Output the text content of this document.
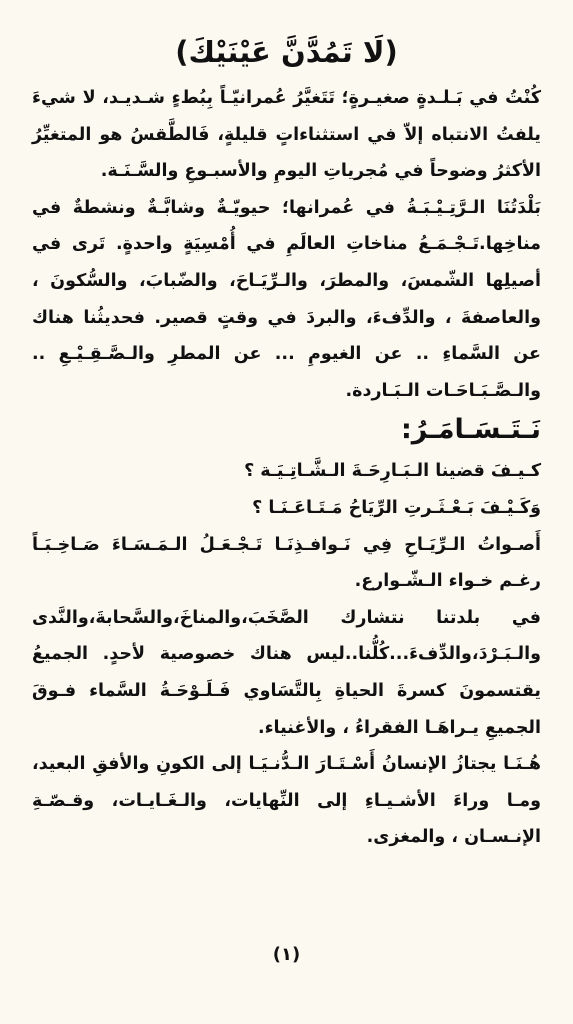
(لَا تَمُدَّنَّ عَيْنَيْكَ)

كُنْتُ في بَـلـدةٍ صغيـرةٍ؛ تَتَغيَّرُ عُمرانيّـاً بِبُطءٍ شـديـد، لا شيءَ يلفتُ الانتباه إلاّ في استثناءاتٍ قليلةٍ، فَالطَّقسُ هو المتغيِّرُ الأكثرُ وضوحاً في مُجرياتِ اليومِ والأسبـوعِ والسَّـنَـة.

بَلْدَتُنَا الـرَّتِـيْـبَـةُ في عُمرانها؛ حيويّـةٌ وشابَّـةٌ ونشطةٌ في مناخِها.تَـجْـمَـعُ مناخاتِ العالَمِ في أُمْسِيَةٍ واحدةٍ. تَرى في أصيلِها الشّمسَ، والمطرَ، والـرِّيَـاحَ، والضّبابَ، والسُّكونَ ، والعاصفةَ ، والدِّفءَ، والبردَ في وقتٍ قصير. فحديثُنا هناك عن السَّماءِ .. عن الغيومِ ... عن المطرِ والـصَّـقِـيْـعِ .. والـصَّـبَـاحَـات الـبَـاردة.

نَـتَـسَـامَـرُ:

كـيـفَ قضينا الـبَـارِحَـةَ الـشَّـاتِـيَـة ؟

وَكَـيْـفَ بَـعْـثَـرتِ الرِّيَاحُ مَـتَـاعَـنَـا ؟

أَصـواتُ الـرِّيَـاحِ فِي نَـوافـذِنَـا تَـجْـعَـلُ الـمَـسَـاءَ صَـاخِـبَـاً رغـم خـواء الـشّـوارع.

في بلدتنا نتشارك الصَّخَبَ،والمناخَ،والسَّحابةَ،والنَّدى والـبَـرْدَ،والدِّفءَ...كُلُّنا..ليس هناك خصوصية لأحدٍ. الجميعُ يقتسمونَ كسرةَ الحياةِ بِالتَّسَاوي فَـلَـوْحَـةُ السَّماء فـوقَ الجميعِ يـراهَـا الفقراءُ ، والأغنياء.

هُـنَـا يجتازُ الإنسانُ أَسْـتَـارَ الـدُّنـيَـا إلى الكونِ والأفقِ البعيد، ومـا وراءَ الأشـيـاءِ إلى النِّهايات، والـغَـايـات، وقـصّـةِ الإنـسـان ، والمغزى.

(١)
